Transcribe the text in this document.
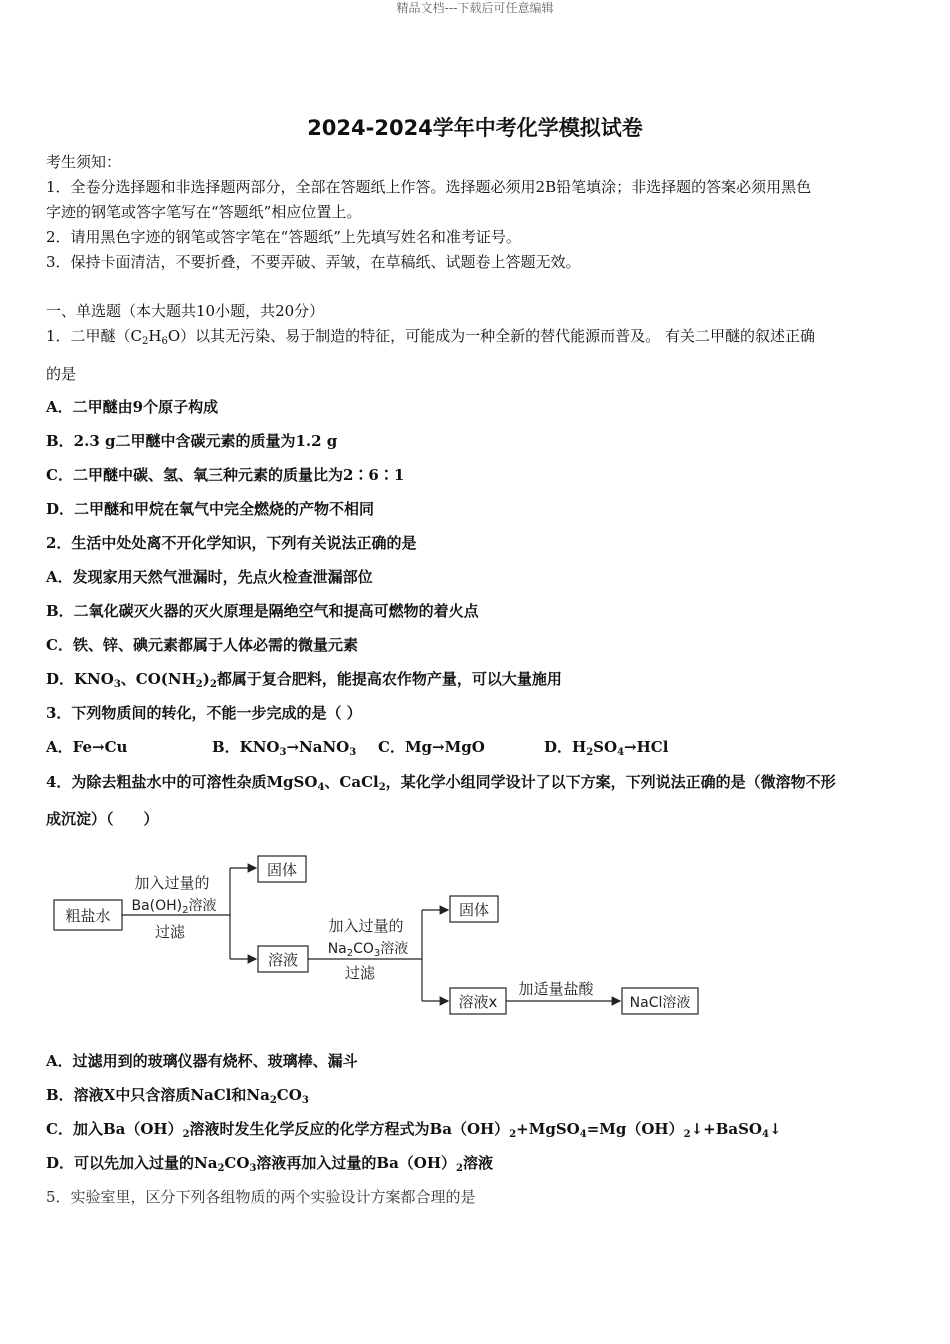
精品文档---下载后可任意编辑
2024-2024学年中考化学模拟试卷
考生须知：
1．全卷分选择题和非选择题两部分，全部在答题纸上作答。选择题必须用2B铅笔填涂；非选择题的答案必须用黑色
字迹的钢笔或答字笔写在“答题纸”相应位置上。
2．请用黑色字迹的钢笔或答字笔在“答题纸”上先填写姓名和准考证号。
3．保持卡面清洁，不要折叠，不要弄破、弄皱，在草稿纸、试题卷上答题无效。
一、单选题（本大题共10小题，共20分）
1．二甲醚$(C_2H_6O)$以其无污染、易于制造的特征，可能成为一种全新的替代能源而普及。 有关二甲醚的叙述正确
的是
A．二甲醚由9个原子构成
B．2.3 g二甲醚中含碳元素的质量为1.2 g
C．二甲醚中碳、氢、氧三种元素的质量比为2∶6∶1
D．二甲醚和甲烷在氧气中完全燃烧的产物不相同
2．生活中处处离不开化学知识，下列有关说法正确的是
A．发现家用天然气泄漏时，先点火检查泄漏部位
B．二氧化碳灭火器的灭火原理是隔绝空气和提高可燃物的着火点
C．铁、锌、碘元素都属于人体必需的微量元素
D．$KNO_3$、$CO(NH_2)_2$都属于复合肥料，能提高农作物产量，可以大量施用
3．下列物质间的转化，不能一步完成的是（ ）
A．Fe→Cu	B．$KNO_3\to NaNO_3$ C．Mg→MgO	D．$H_2SO_4\to HCl$
4．为除去粗盐水中的可溶性杂质MgSO$_4$、CaCl$_2$，某化学小组同学设计了以下方案，下列说法正确的是（微溶物不形
成沉淀）（　　）
粗盐水
固体
溶液
固体
溶液x	NaCl溶液
加入过量的
$Ba(OH)_2$溶液
过滤	加入过量的
$Na_2CO_3$溶液
过滤
加适量盐酸
A．过滤用到的玻璃仪器有烧杯、玻璃棒、漏斗
B．溶液X中只含溶质NaCl和$Na_2CO_3$
C．加入$Ba(OH)_2$溶液时发生化学反应的化学方程式为$Ba(OH)_2+MgSO_4=Mg(OH)_2↓+BaSO_4↓$
D．可以先加入过量的$Na_2CO_3$溶液再加入过量的$Ba(OH)_2$溶液
5．实验室里，区分下列各组物质的两个实验设计方案都合理的是
